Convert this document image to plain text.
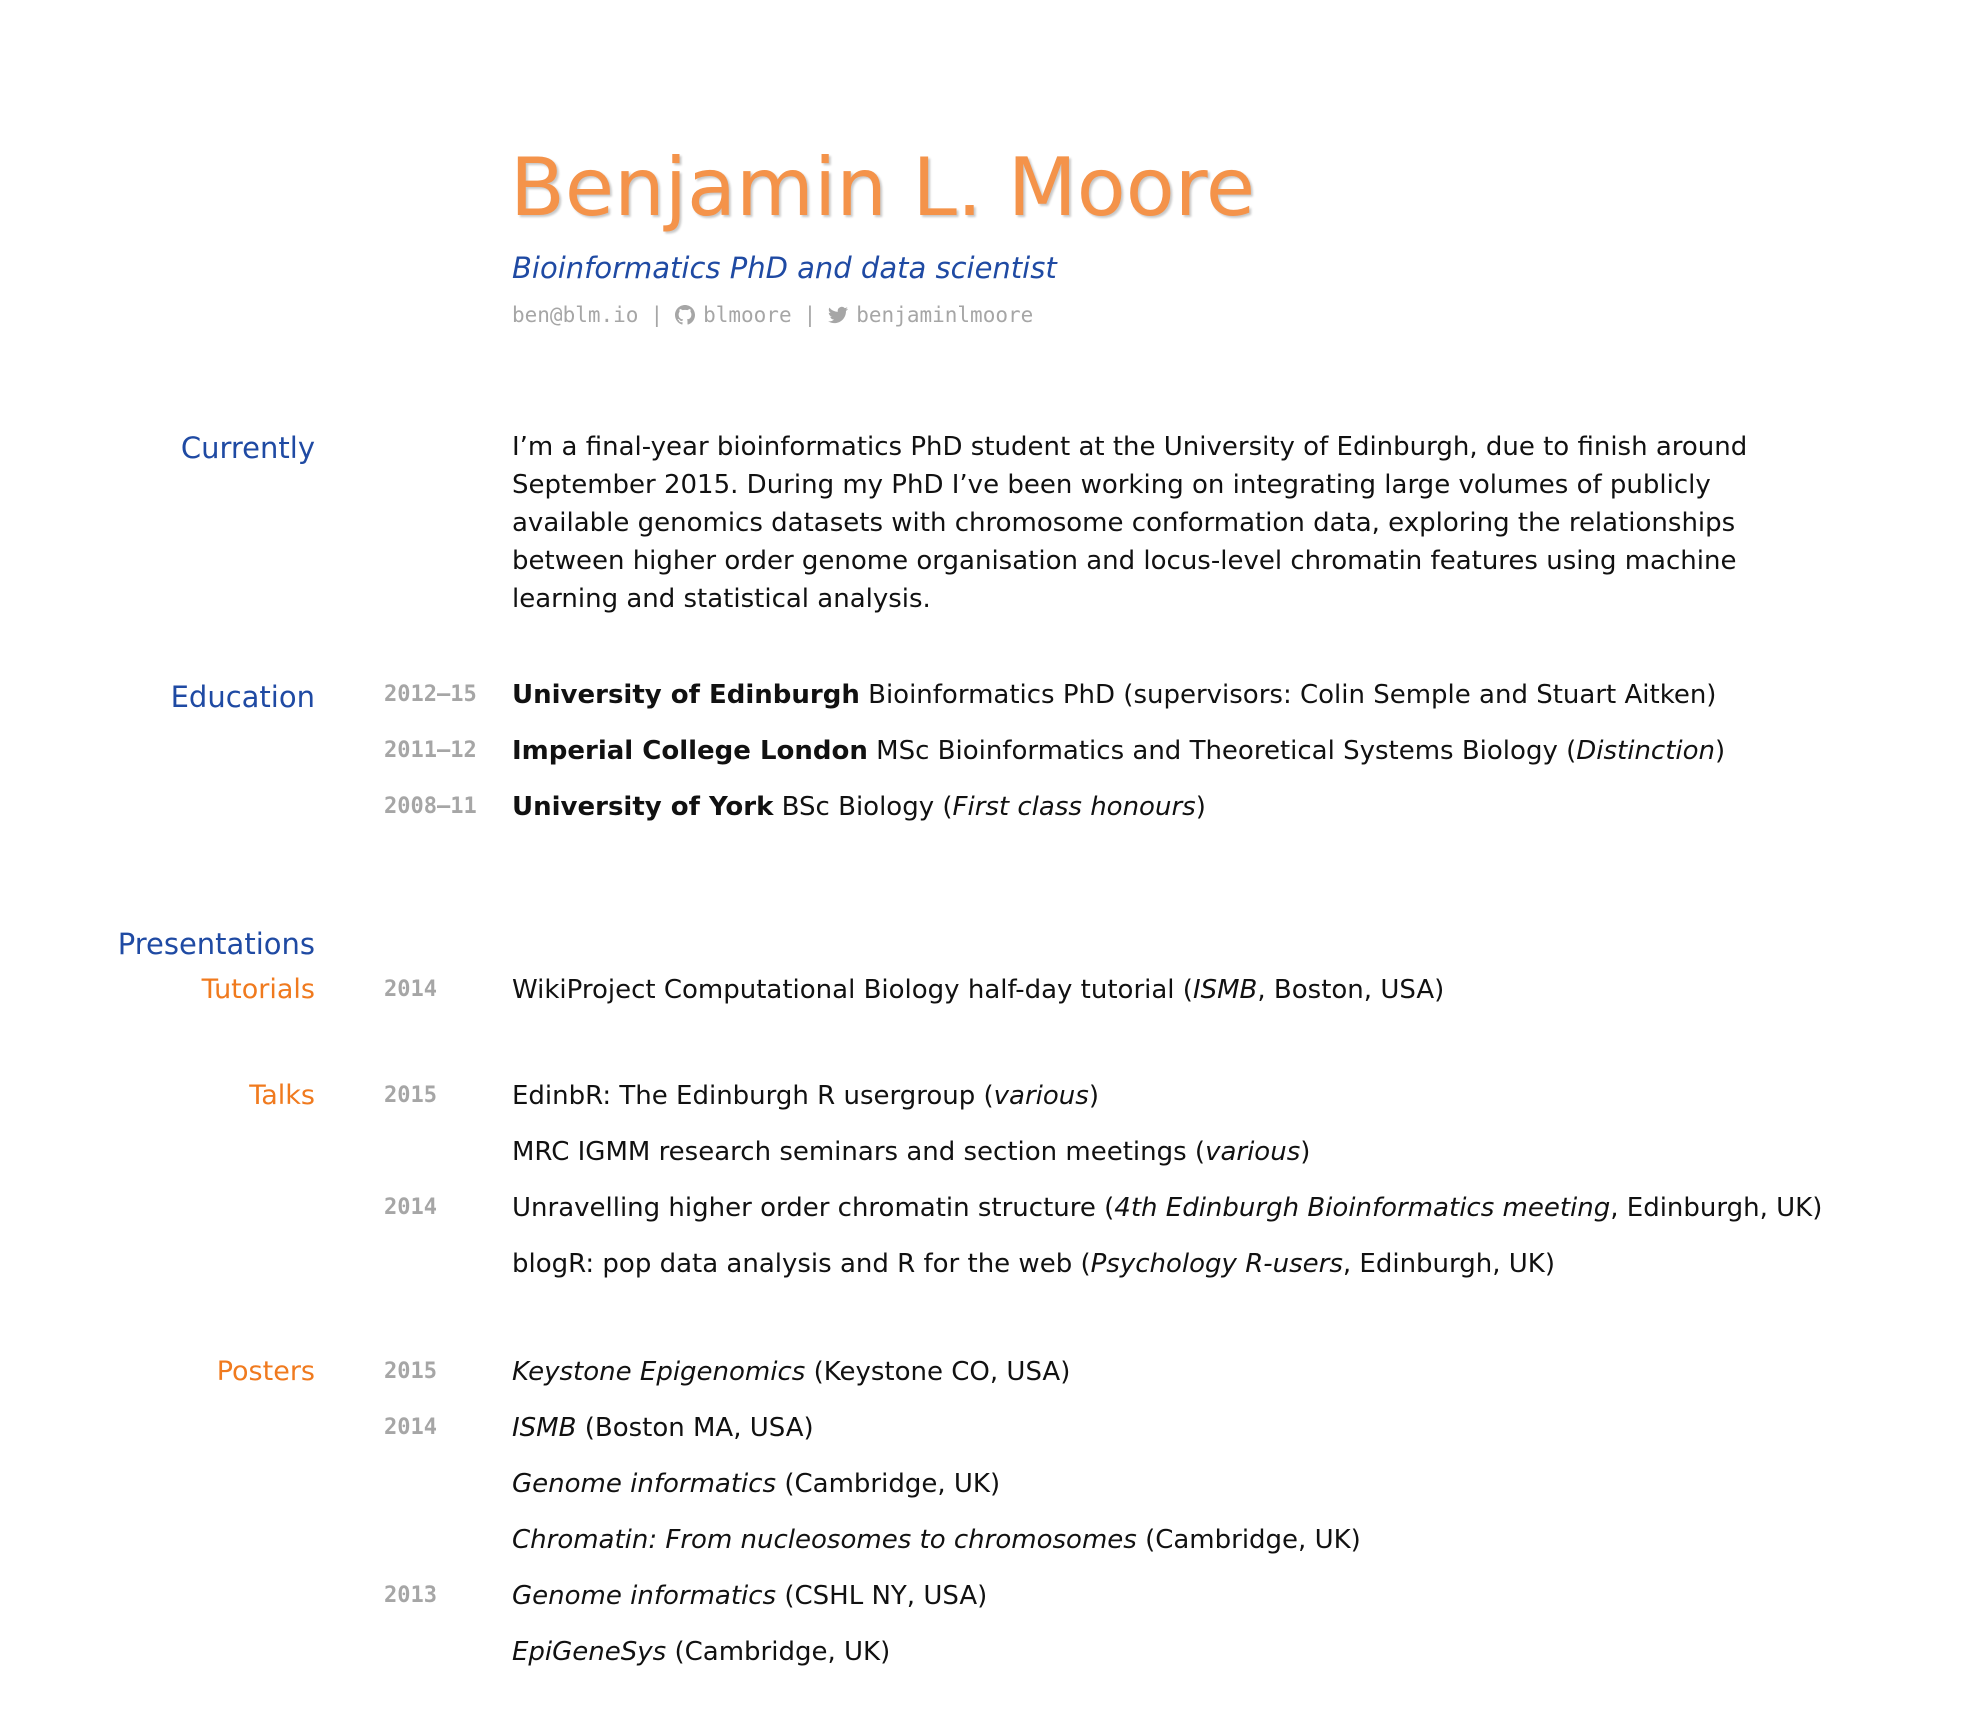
Benjamin L. Moore
Bioinformatics PhD and data scientist
ben@blm.io | blmoore | benjaminlmoore
Currently	I’m a final-year bioinformatics PhD student at the University of Edinburgh, due to finish around September 2015. During my PhD I’ve been working on integrating large volumes of publicly available genomics datasets with chromosome conformation data, exploring the relationships between higher order genome organisation and locus-level chromatin features using machine learning and statistical analysis.
Education	2012–15 University of Edinburgh Bioinformatics PhD (supervisors: Colin Semple and Stuart Aitken)
2011–12 Imperial College London MSc Bioinformatics and Theoretical Systems Biology (Distinction)
2008–11 University of York BSc Biology (First class honours)
Presentations
Tutorials	2014	WikiProject Computational Biology half-day tutorial (ISMB, Boston, USA)
Talks	2015	EdinbR: The Edinburgh R usergroup (various)
MRC IGMM research seminars and section meetings (various)
2014	Unravelling higher order chromatin structure (4th Edinburgh Bioinformatics meeting, Edinburgh, UK)
blogR: pop data analysis and R for the web (Psychology R-users, Edinburgh, UK)
Posters	2015	Keystone Epigenomics (Keystone CO, USA)
2014	ISMB (Boston MA, USA)
Genome informatics (Cambridge, UK)
Chromatin: From nucleosomes to chromosomes (Cambridge, UK)
2013	Genome informatics (CSHL NY, USA)
EpiGeneSys (Cambridge, UK)
